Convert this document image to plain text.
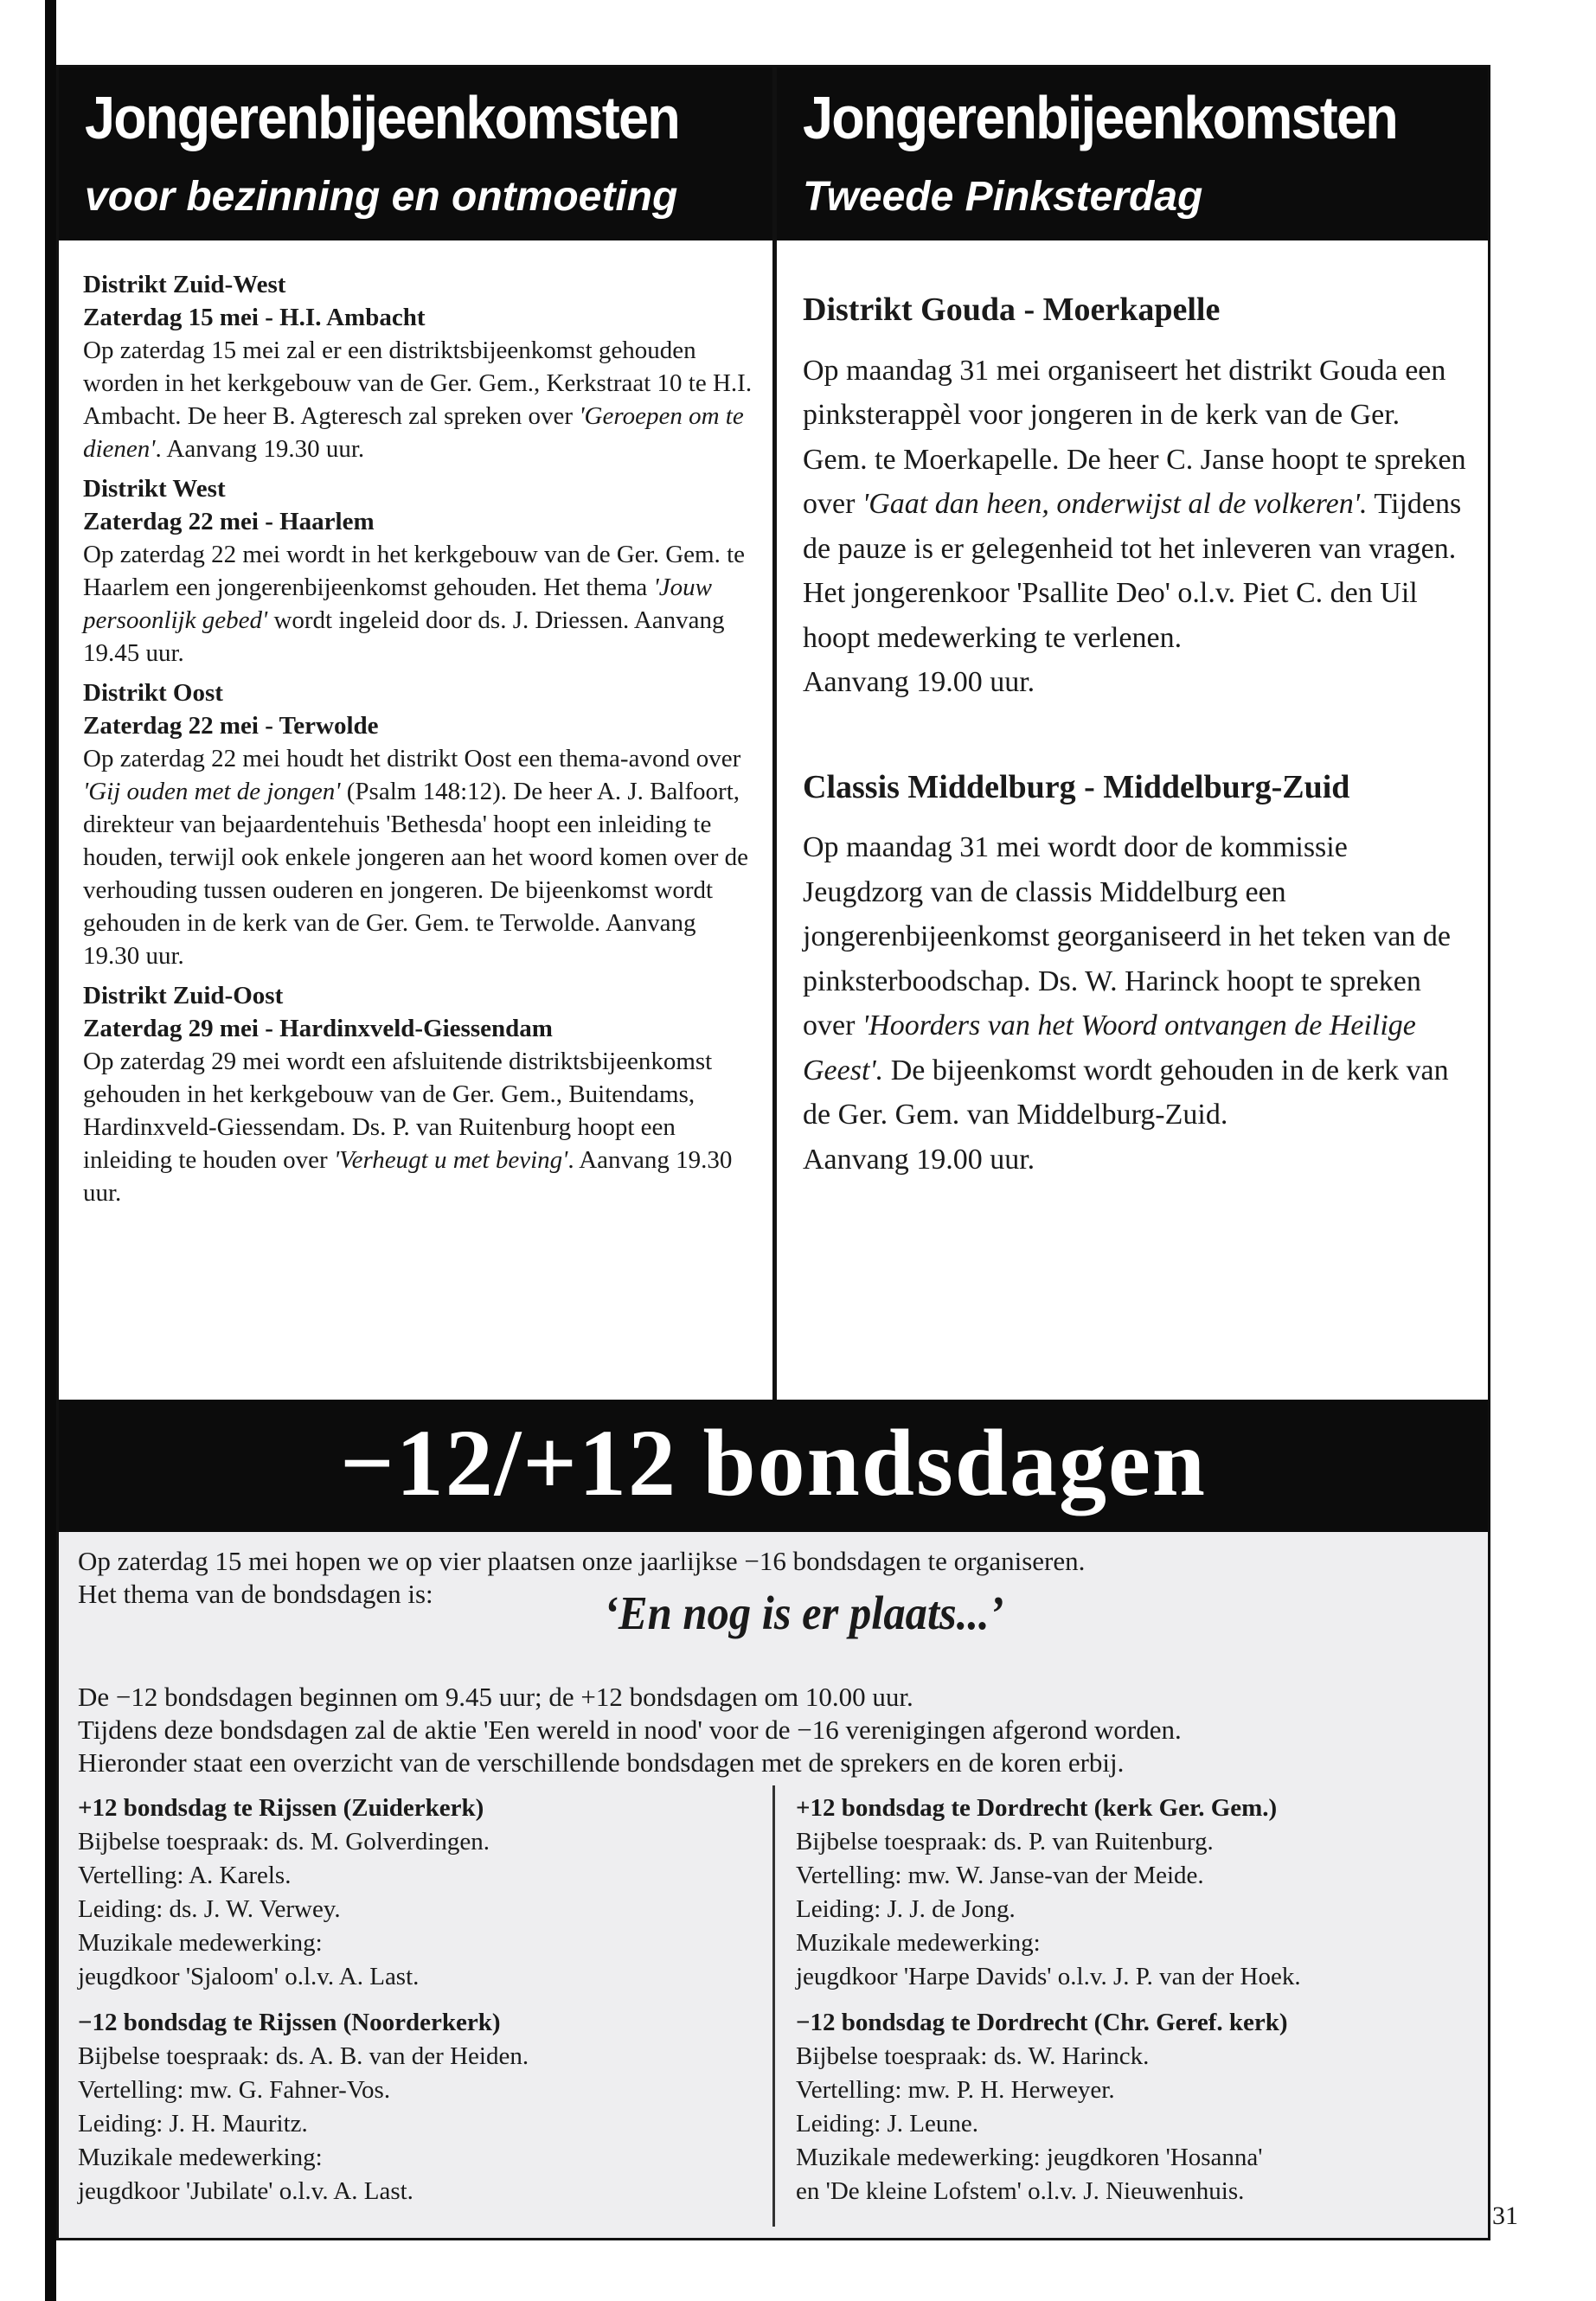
Jongerenbijeenkomsten
voor bezinning en ontmoeting
Jongerenbijeenkomsten
Tweede Pinksterdag
Distrikt Zuid-West
Zaterdag 15 mei - H.I. Ambacht

Op zaterdag 15 mei zal er een distriktsbijeenkomst gehouden worden in het kerkgebouw van de Ger. Gem., Kerkstraat 10 te H.I. Ambacht. De heer B. Agteresch zal spreken over 'Geroepen om te dienen'. Aanvang 19.30 uur.

Distrikt West
Zaterdag 22 mei - Haarlem

Op zaterdag 22 mei wordt in het kerkgebouw van de Ger. Gem. te Haarlem een jongerenbijeenkomst gehouden. Het thema 'Jouw persoonlijk gebed' wordt ingeleid door ds. J. Driessen. Aanvang 19.45 uur.

Distrikt Oost
Zaterdag 22 mei - Terwolde

Op zaterdag 22 mei houdt het distrikt Oost een thema-avond over 'Gij ouden met de jongen' (Psalm 148:12). De heer A. J. Balfoort, direkteur van bejaardentehuis 'Bethesda' hoopt een inleiding te houden, terwijl ook enkele jongeren aan het woord komen over de verhouding tussen ouderen en jongeren. De bijeenkomst wordt gehouden in de kerk van de Ger. Gem. te Terwolde. Aanvang 19.30 uur.

Distrikt Zuid-Oost
Zaterdag 29 mei - Hardinxveld-Giessendam

Op zaterdag 29 mei wordt een afsluitende distriktsbijeenkomst gehouden in het kerkgebouw van de Ger. Gem., Buitendams, Hardinxveld-Giessendam. Ds. P. van Ruitenburg hoopt een inleiding te houden over 'Verheugt u met beving'. Aanvang 19.30 uur.

Distrikt Gouda - Moerkapelle

Op maandag 31 mei organiseert het distrikt Gouda een pinksterappèl voor jongeren in de kerk van de Ger. Gem. te Moerkapelle. De heer C. Janse hoopt te spreken over 'Gaat dan heen, onderwijst al de volkeren'. Tijdens de pauze is er gelegenheid tot het inleveren van vragen. Het jongerenkoor 'Psallite Deo' o.l.v. Piet C. den Uil hoopt medewerking te verlenen.

Aanvang 19.00 uur.

Classis Middelburg - Middelburg-Zuid

Op maandag 31 mei wordt door de kommissie Jeugdzorg van de classis Middelburg een jongerenbijeenkomst georganiseerd in het teken van de pinksterboodschap. Ds. W. Harinck hoopt te spreken over 'Hoorders van het Woord ontvangen de Heilige Geest'. De bijeenkomst wordt gehouden in de kerk van de Ger. Gem. van Middelburg-Zuid.

Aanvang 19.00 uur.

−12/+12 bondsdagen
Op zaterdag 15 mei hopen we op vier plaatsen onze jaarlijkse −16 bondsdagen te organiseren.
Het thema van de bondsdagen is:	‘En nog is er plaats...’
De −12 bondsdagen beginnen om 9.45 uur; de +12 bondsdagen om 10.00 uur.
Tijdens deze bondsdagen zal de aktie 'Een wereld in nood' voor de −16 verenigingen afgerond worden.
Hieronder staat een overzicht van de verschillende bondsdagen met de sprekers en de koren erbij.
+12 bondsdag te Rijssen (Zuiderkerk)
Bijbelse toespraak: ds. M. Golverdingen.
Vertelling: A. Karels.
Leiding: ds. J. W. Verwey.
Muzikale medewerking:
jeugdkoor 'Sjaloom' o.l.v. A. Last.
−12 bondsdag te Rijssen (Noorderkerk)
Bijbelse toespraak: ds. A. B. van der Heiden.
Vertelling: mw. G. Fahner-Vos.
Leiding: J. H. Mauritz.
Muzikale medewerking:
jeugdkoor 'Jubilate' o.l.v. A. Last.
+12 bondsdag te Dordrecht (kerk Ger. Gem.)
Bijbelse toespraak: ds. P. van Ruitenburg.
Vertelling: mw. W. Janse-van der Meide.
Leiding: J. J. de Jong.
Muzikale medewerking:
jeugdkoor 'Harpe Davids' o.l.v. J. P. van der Hoek.
−12 bondsdag te Dordrecht (Chr. Geref. kerk)
Bijbelse toespraak: ds. W. Harinck.
Vertelling: mw. P. H. Herweyer.
Leiding: J. Leune.
Muzikale medewerking: jeugdkoren 'Hosanna'
en 'De kleine Lofstem' o.l.v. J. Nieuwenhuis.
31
